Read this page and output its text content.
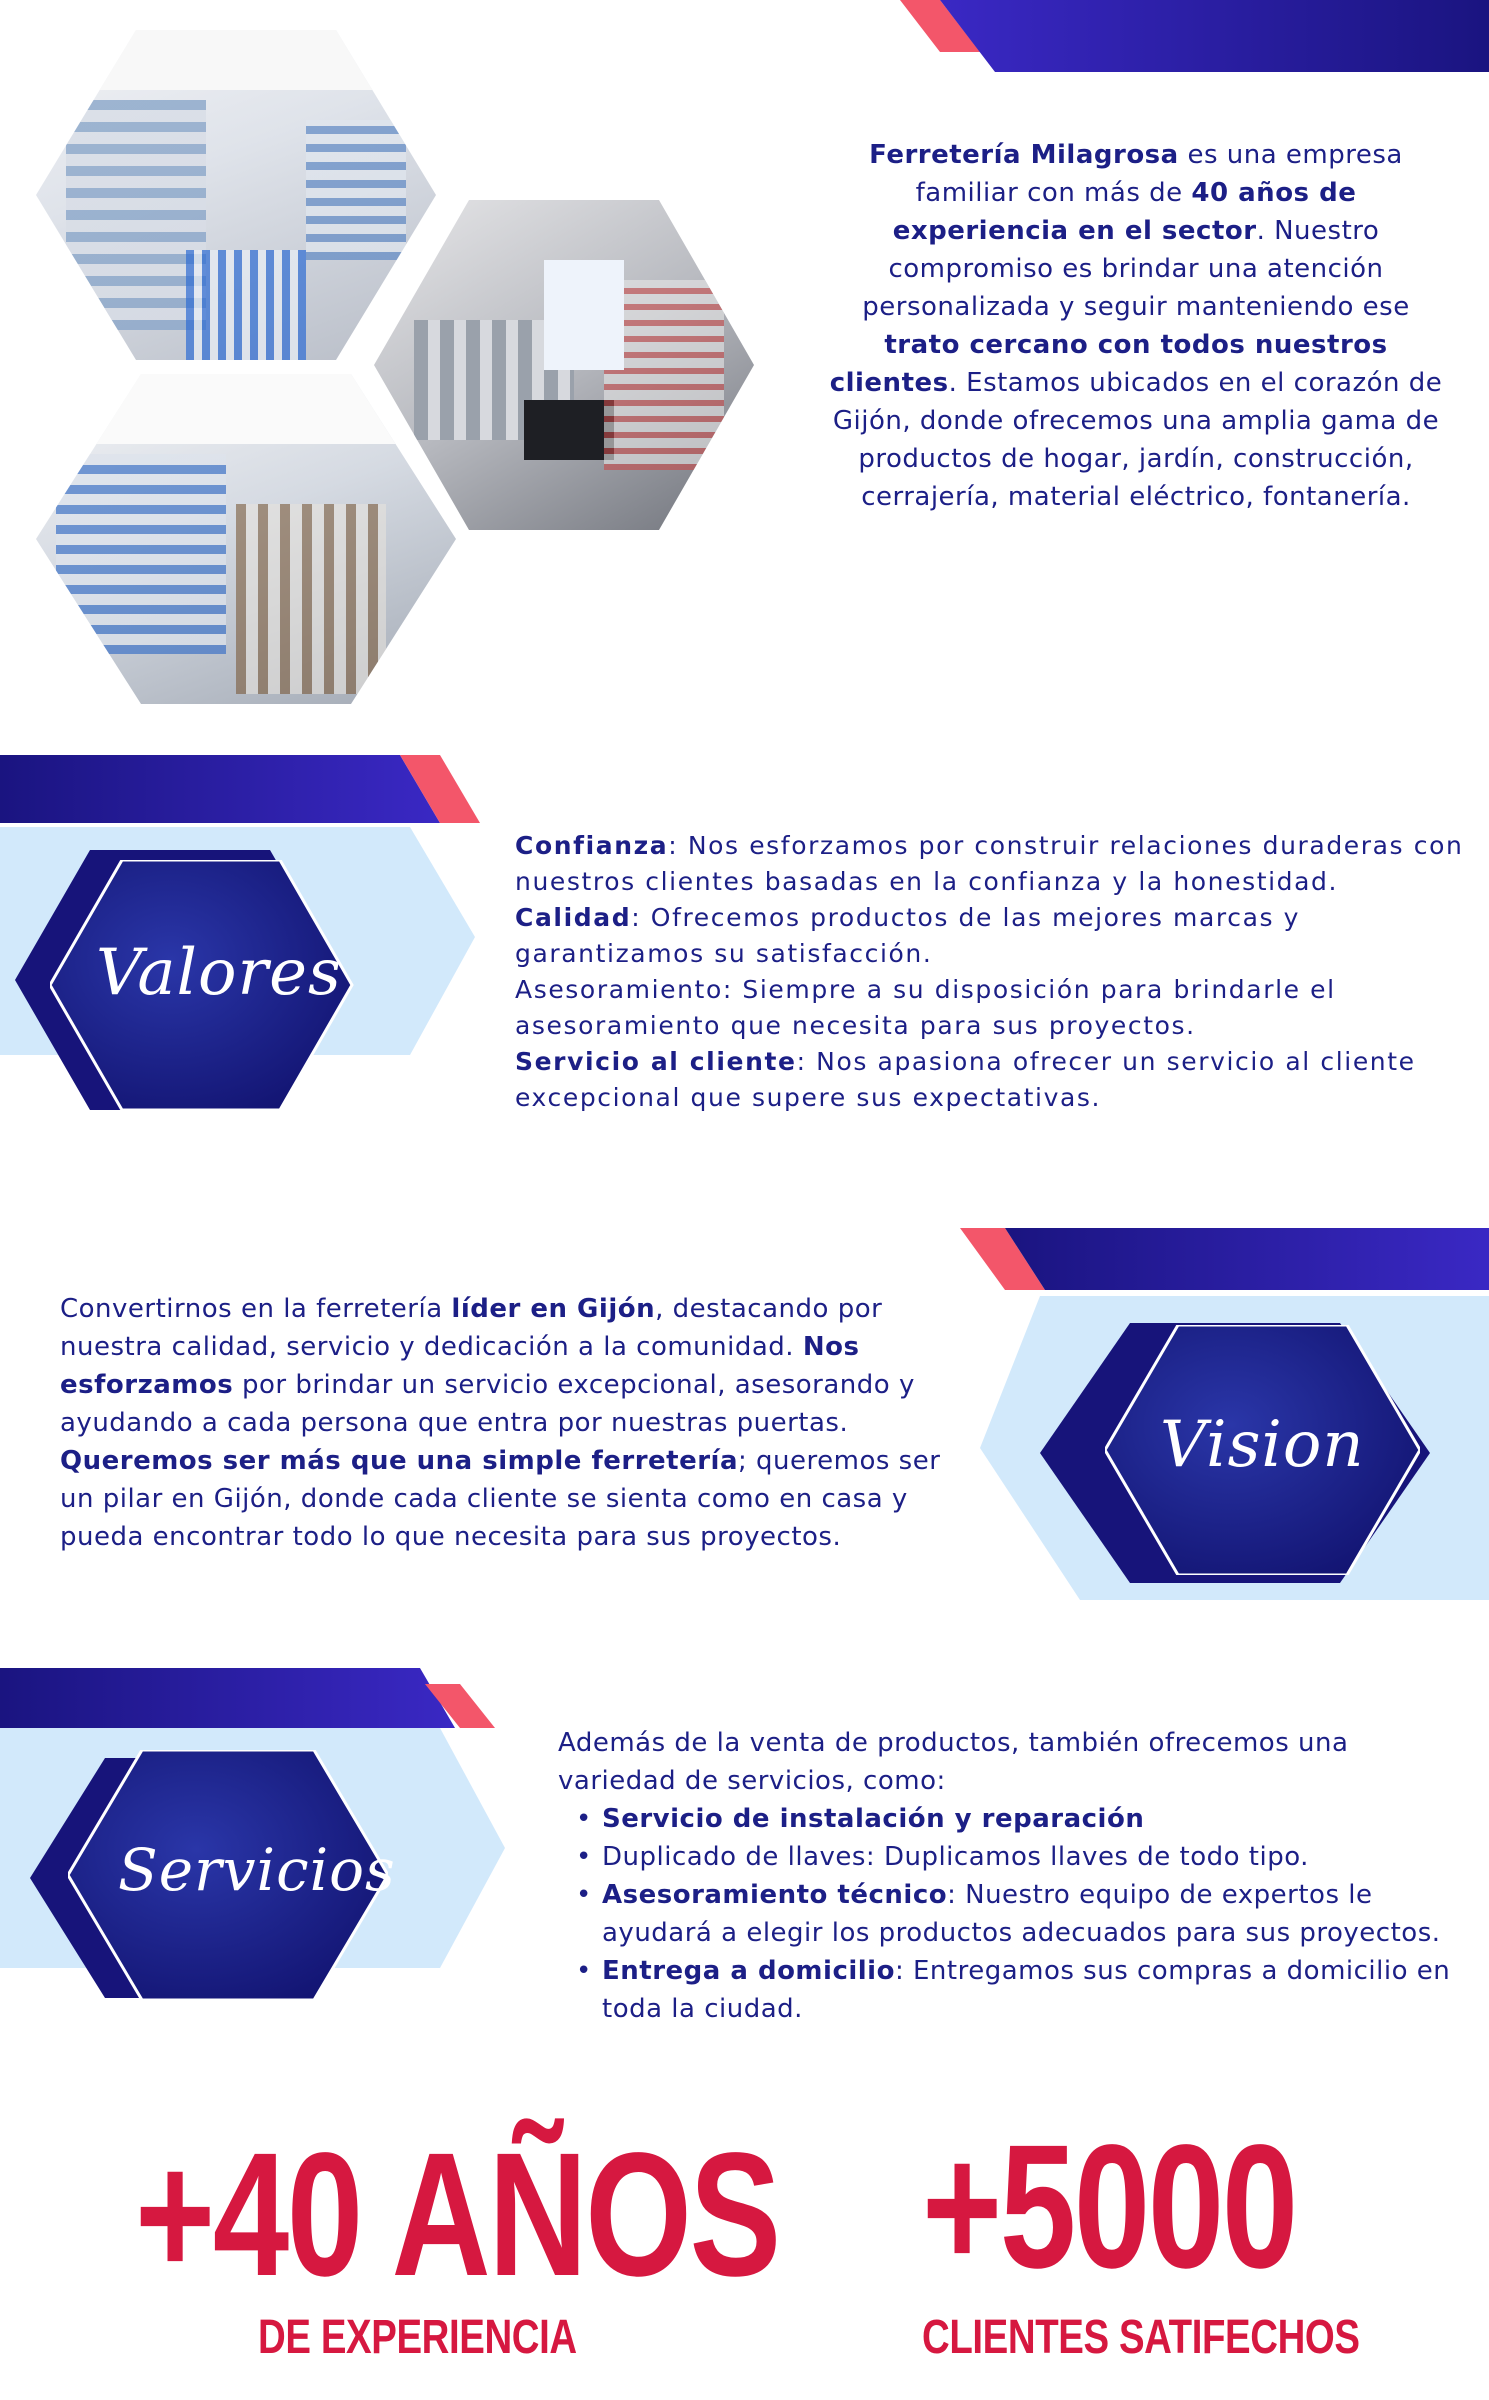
Ferretería Milagrosa es una empresa familiar con más de 40 años de experiencia en el sector. Nuestro compromiso es brindar una atención personalizada y seguir manteniendo ese trato cercano con todos nuestros clientes. Estamos ubicados en el corazón de Gijón, donde ofrecemos una amplia gama de productos de hogar, jardín, construcción, cerrajería, material eléctrico, fontanería.
Valores
Confianza: Nos esforzamos por construir relaciones duraderas con nuestros clientes basadas en la confianza y la honestidad.
Calidad: Ofrecemos productos de las mejores marcas y garantizamos su satisfacción.
Asesoramiento: Siempre a su disposición para brindarle el asesoramiento que necesita para sus proyectos.
Servicio al cliente: Nos apasiona ofrecer un servicio al cliente excepcional que supere sus expectativas.
Vision
Convertirnos en la ferretería líder en Gijón, destacando por nuestra calidad, servicio y dedicación a la comunidad. Nos esforzamos por brindar un servicio excepcional, asesorando y ayudando a cada persona que entra por nuestras puertas. Queremos ser más que una simple ferretería; queremos ser un pilar en Gijón, donde cada cliente se sienta como en casa y pueda encontrar todo lo que necesita para sus proyectos.
Servicios
Además de la venta de productos, también ofrecemos una variedad de servicios, como:
• Servicio de instalación y reparación
• Duplicado de llaves: Duplicamos llaves de todo tipo.
• Asesoramiento técnico: Nuestro equipo de expertos le ayudará a elegir los productos adecuados para sus proyectos.
• Entrega a domicilio: Entregamos sus compras a domicilio en toda la ciudad.
+40 AÑOS
DE EXPERIENCIA
+5000
CLIENTES SATIFECHOS
